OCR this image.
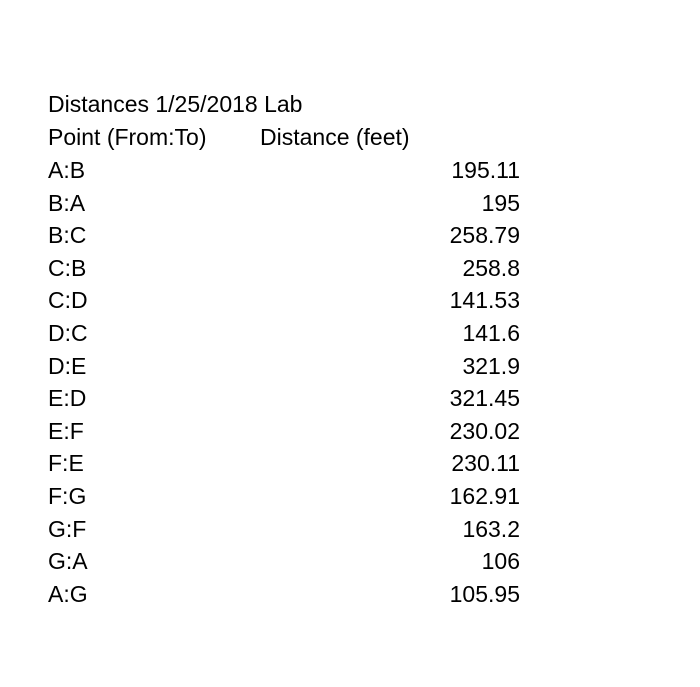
Distances 1/25/2018 Lab
Point (From:To)	Distance (feet)
A:B	195.11
B:A	195
B:C	258.79
C:B	258.8
C:D	141.53
D:C	141.6
D:E	321.9
E:D	321.45
E:F	230.02
F:E	230.11
F:G	162.91
G:F	163.2
G:A	106
A:G	105.95
